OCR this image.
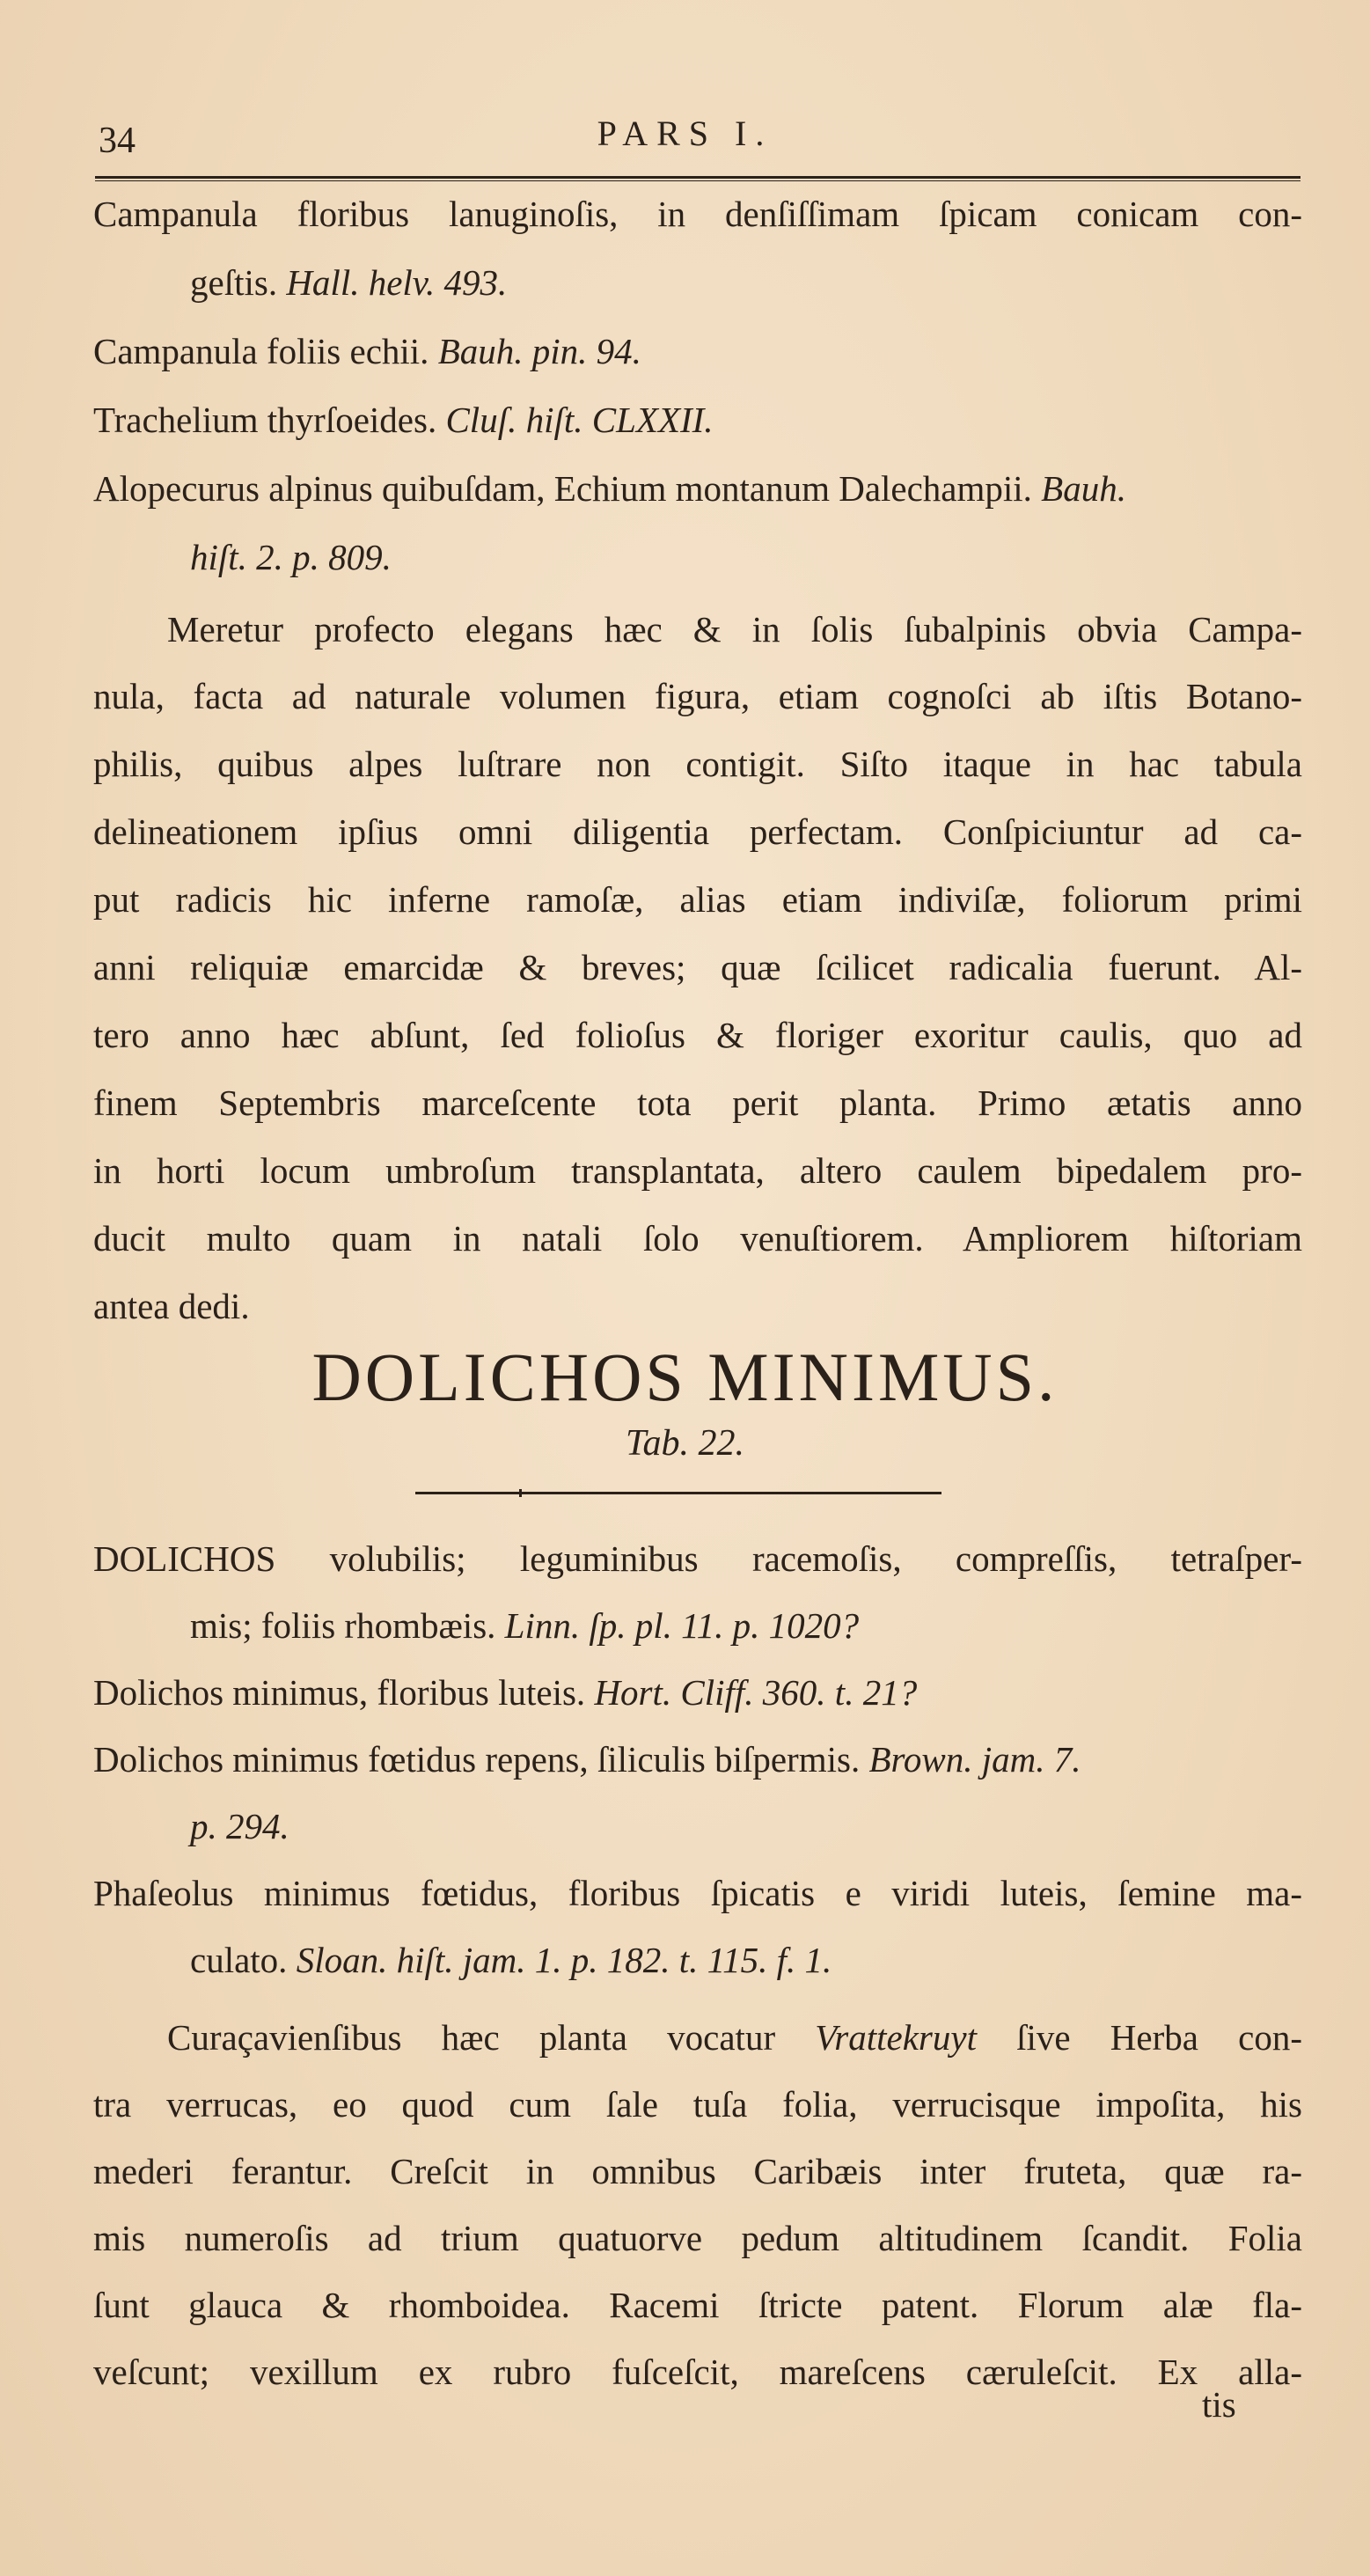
34	PARS I.
Campanula floribus lanuginoſis, in denſiſſimam ſpicam conicam con-
geſtis. Hall. helv. 493.
Campanula foliis echii. Bauh. pin. 94.
Trachelium thyrſoeides. Cluſ. hiſt. CLXXII.
Alopecurus alpinus quibuſdam, Echium montanum Dalechampii. Bauh.
hiſt. 2. p. 809.
Meretur profecto elegans hæc & in ſolis ſubalpinis obvia Campa-
nula, facta ad naturale volumen figura, etiam cognoſci ab iſtis Botano-
philis, quibus alpes luſtrare non contigit. Siſto itaque in hac tabula
delineationem ipſius omni diligentia perfectam. Conſpiciuntur ad ca-
put radicis hic inferne ramoſæ, alias etiam indiviſæ, foliorum primi
anni reliquiæ emarcidæ & breves; quæ ſcilicet radicalia fuerunt. Al-
tero anno hæc abſunt, ſed folioſus & floriger exoritur caulis, quo ad
finem Septembris marceſcente tota perit planta. Primo ætatis anno
in horti locum umbroſum transplantata, altero caulem bipedalem pro-
ducit multo quam in natali ſolo venuſtiorem. Ampliorem hiſtoriam
antea dedi.
DOLICHOS MINIMUS.
Tab. 22.
DOLICHOS volubilis; leguminibus racemoſis, compreſſis, tetraſper-
mis; foliis rhombæis. Linn. ſp. pl. 11. p. 1020?
Dolichos minimus, floribus luteis. Hort. Cliff. 360. t. 21?
Dolichos minimus fœtidus repens, ſiliculis biſpermis. Brown. jam. 7.
p. 294.
Phaſeolus minimus fœtidus, floribus ſpicatis e viridi luteis, ſemine ma-
culato. Sloan. hiſt. jam. 1. p. 182. t. 115. f. 1.
Curaçavienſibus hæc planta vocatur Vrattekruyt ſive Herba con-
tra verrucas, eo quod cum ſale tuſa folia, verrucisque impoſita, his
mederi ferantur. Creſcit in omnibus Caribæis inter fruteta, quæ ra-
mis numeroſis ad trium quatuorve pedum altitudinem ſcandit. Folia
ſunt glauca & rhomboidea. Racemi ſtricte patent. Florum alæ fla-
veſcunt; vexillum ex rubro fuſceſcit, mareſcens cæruleſcit. Ex alla-
tis
